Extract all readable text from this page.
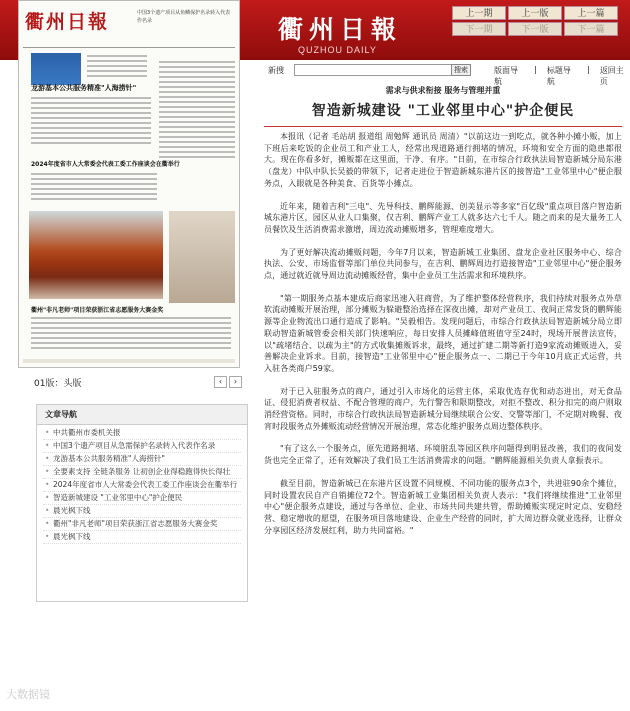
衢州日報
QUZHOU DAILY
上一期	上一版	上一篇
下一期	下一版	下一篇
衢州日報	中国3个遗产项目从鱼鳞保护名录转入代表作名录
龙游基本公共服务精准"人海捞针"
2024年度省市人大常委会代表工委工作座谈会在衢举行
衢州"非凡老师"项目荣获浙江省志愿服务大赛金奖
01版：头版	‹	›
文章导航
• 中共衢州市委机关报
• 中国3个遗产项目从急需保护名录转入代表作名录
• 龙游基本公共服务精准"人海捞针"
• 全要素支持 全链条服务 让初创企业得稳跑得快长得壮
• 2024年度省市人大常委会代表工委工作座谈会在衢举行
• 智造新城建设 "工业邻里中心"护企便民
• 晨光枫下线
• 衢州"非凡老师"项目荣获浙江省志愿服务大赛金奖
• 晨光枫下线
新搜	搜索	版面导航
| 标题导航
| 返回主页
需求与供求衔接 服务与管理并重
智造新城建设 "工业邻里中心"护企便民

本报讯（记者 毛站胡 报道组 周勉辉 通讯员 周清）"以前这边一到吃点，就各种小摊小贩，加上下班后来吃饭的企业员工和产业工人，经常出现道路通行拥堵的情况，环境和安全方面的隐患都很大。现在你看多好，摊贩都在这里面，干净、有序。"日前，在市综合行政执法局智造新城分局东港（盘龙）中队中队长吴毅的带领下，记者走进位于智造新城东港片区的接智造"工业邻里中心"便企服务点，入眼就是各种美食、百货等小摊点。

近年来，随着吉利"三电"、先导科技、鹏辉能源、创美显示等多家"百亿级"重点项目落户智造新城东港片区，园区从业人口集聚，仅吉利、鹏辉产业工人就多达六七千人。随之而来的是大量务工人员餐饮及生活消费需求激增，周边流动摊贩增多，管理难度增大。

为了更好解决流动摊贩问题，今年7月以来，智造新城工业集团、盘龙企业社区服务中心、综合执法、公安、市场监督等部门单位共同参与，在吉利、鹏辉周边打造接智造"工业邻里中心"便企服务点，通过就近就导周边流动摊贩经营，集中企业员工生活需求和环境秩序。

"第一期服务点基本建成后商家迅速入驻商营，为了维护整体经营秩序，我们持续对服务点外草软流动摊贩开展治理，部分摊贩为躲避整治选择在深夜出摊，却对产业员工、夜间正常发货的鹏辉能源等企业物流出口通行造成了影响。"吴毅相告。发现问题后，市综合行政执法局智造新城分局立即联动智造新城管委会相关部门快速响应，每日安排人员摊峰值班值守至24时，现场开展普法宣传，以"疏堵结合、以疏为主"的方式收集摊贩诉求，最终，通过扩建二期等新打造9家流动摊贩进入，妥善解决企业诉求。目前，接智造"工业邻里中心"便企服务点一、二期已于今年10月底正式运营，共入驻各类商户59家。

对于已入驻服务点的商户，通过引入市场化的运营主体，采取优选存优和动态进出，对无食品证、侵犯消费者权益、不配合管理的商户，先行警告和限期整改，对拒不整改、积分扣完的商户则取消经营资格。同时，市综合行政执法局智造新城分局继续联合公安、交警等部门，不定期对晚餐、夜宵时段服务点外摊贩流动经营情况开展治理，常态化维护服务点周边整体秩序。

"有了这么一个服务点，原先道路拥堵、环境脏乱等园区秩序问题得到明显改善，我们的夜间发货也完全正常了，还有效解决了我们员工生活消费需求的问题。"鹏辉能源相关负责人拿振表示。

截至目前，智造新城已在东港片区设置不同规模、不同功能的服务点3个，共进驻90余个摊位，同时设置农民自产自销摊位72个。智造新城工业集团相关负责人表示："我们将继续推进"工业邻里中心"便企服务点建设，通过与各单位、企业、市场共同共建共管，帮助摊贩实现定时定点、安稳经营、稳定增收的愿望，在服务项目落地建设、企业生产经营的同时，扩大周边群众就业选择，让群众分享园区经济发展红利，助力共同富裕。"

大数据镜
